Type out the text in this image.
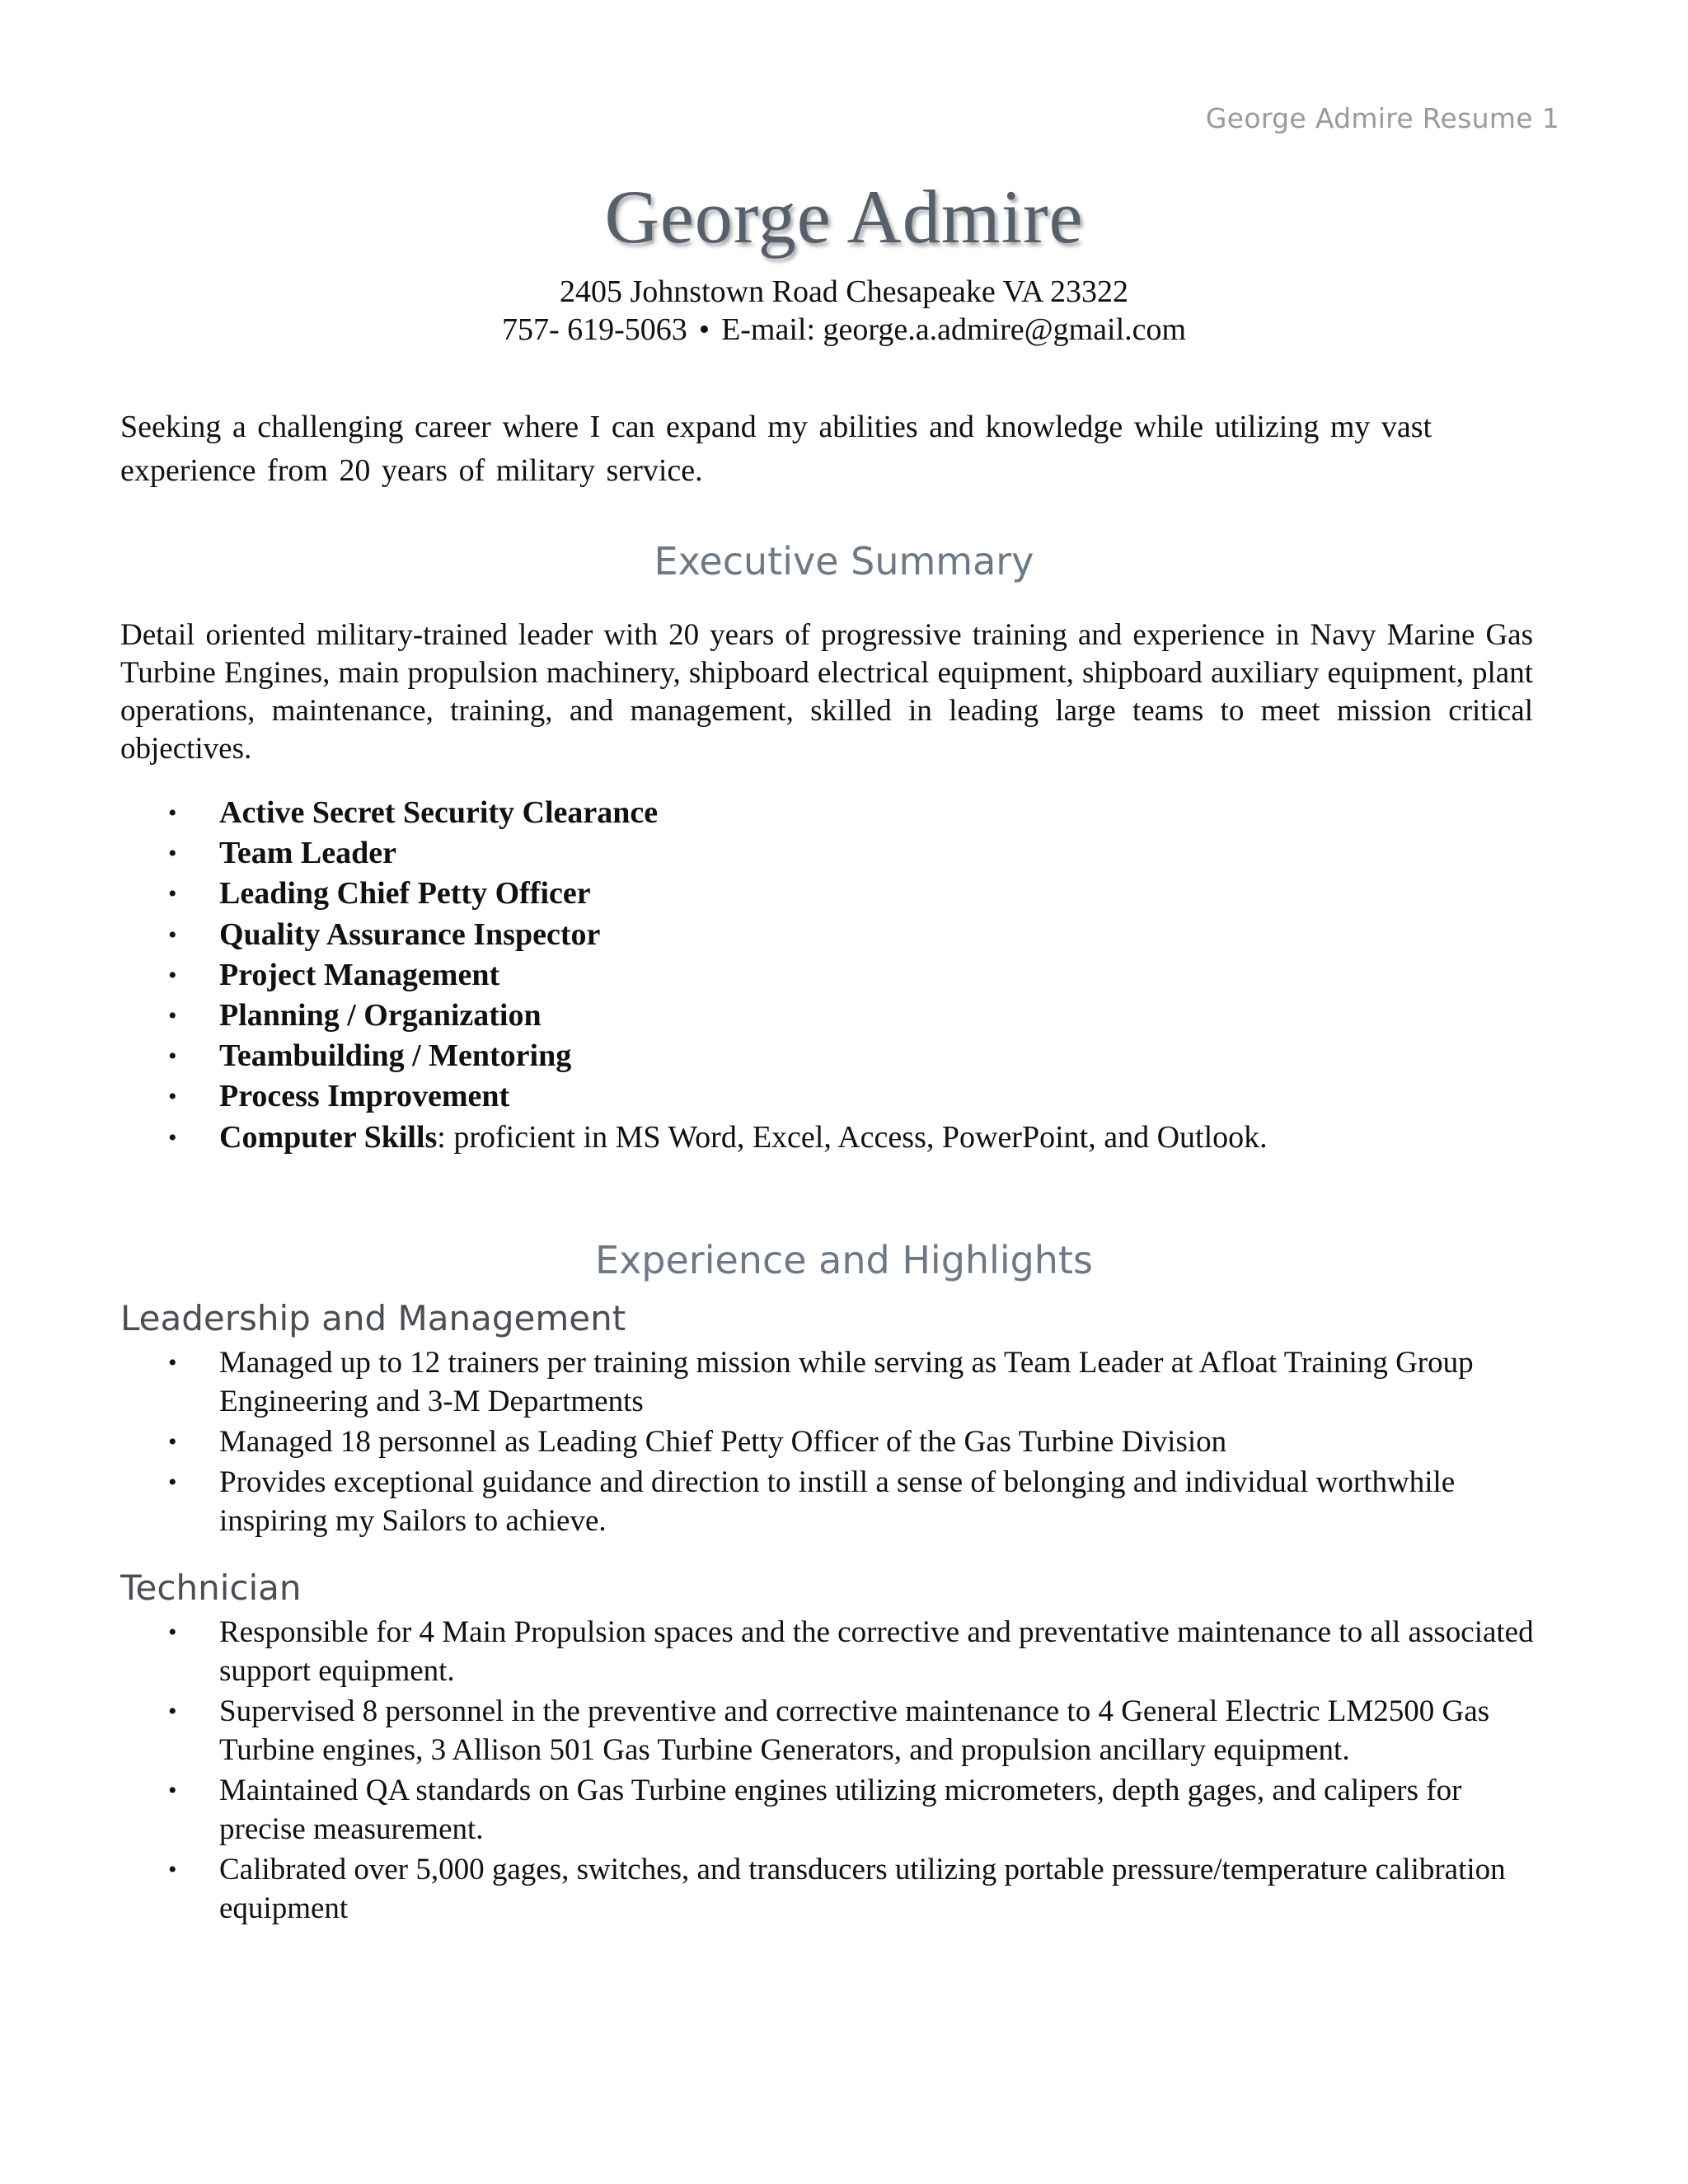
George Admire Resume 1
George Admire
2405 Johnstown Road Chesapeake VA 23322
757- 619-5063 • E-mail: george.a.admire@gmail.com
Seeking a challenging career where I can expand my abilities and knowledge while utilizing my vast experience from 20 years of military service.
Executive Summary
Detail oriented military-trained leader with 20 years of progressive training and experience in Navy Marine Gas Turbine Engines, main propulsion machinery, shipboard electrical equipment, shipboard auxiliary equipment, plant operations, maintenance, training, and management, skilled in leading large teams to meet mission critical objectives.
• Active Secret Security Clearance
• Team Leader
• Leading Chief Petty Officer
• Quality Assurance Inspector
• Project Management
• Planning / Organization
• Teambuilding / Mentoring
• Process Improvement
• Computer Skills: proficient in MS Word, Excel, Access, PowerPoint, and Outlook.
Experience and Highlights
Leadership and Management
• Managed up to 12 trainers per training mission while serving as Team Leader at Afloat Training Group Engineering and 3-M Departments
• Managed 18 personnel as Leading Chief Petty Officer of the Gas Turbine Division
• Provides exceptional guidance and direction to instill a sense of belonging and individual worthwhile inspiring my Sailors to achieve.
Technician
• Responsible for 4 Main Propulsion spaces and the corrective and preventative maintenance to all associated support equipment.
• Supervised 8 personnel in the preventive and corrective maintenance to 4 General Electric LM2500 Gas Turbine engines, 3 Allison 501 Gas Turbine Generators, and propulsion ancillary equipment.
• Maintained QA standards on Gas Turbine engines utilizing micrometers, depth gages, and calipers for precise measurement.
• Calibrated over 5,000 gages, switches, and transducers utilizing portable pressure/temperature calibration equipment
